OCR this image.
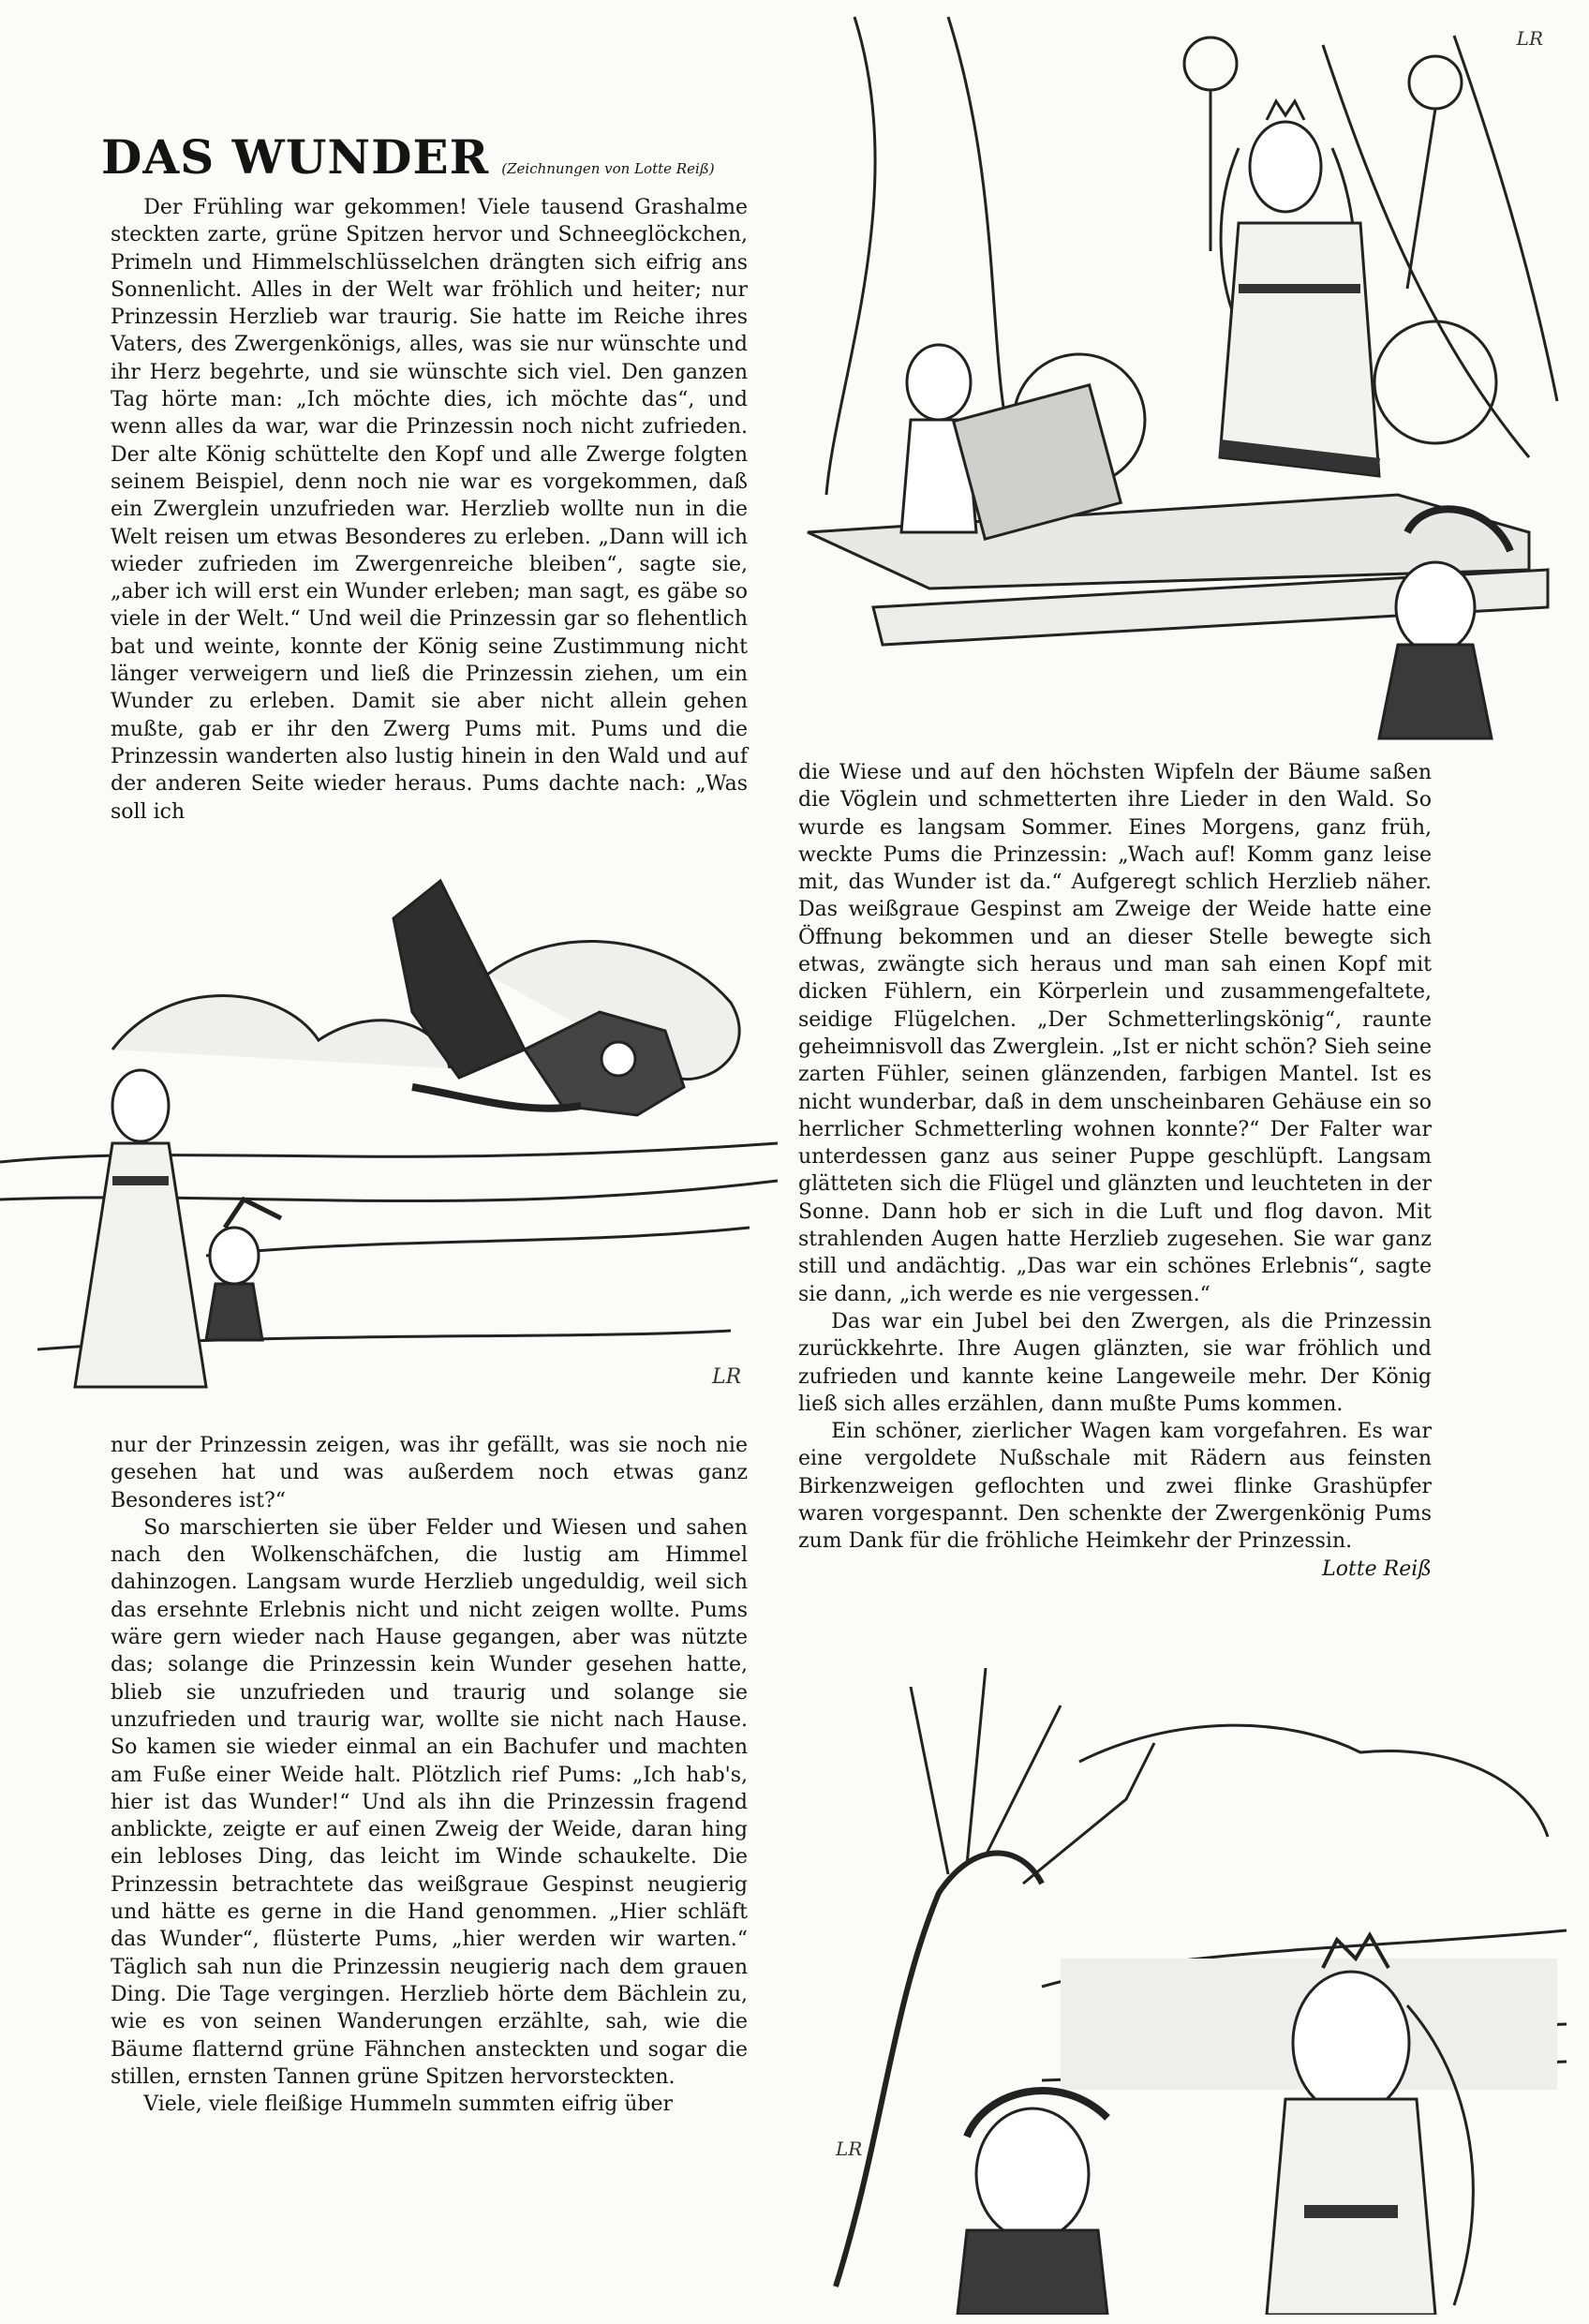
DAS WUNDER (Zeichnungen von Lotte Reiß)

Der Frühling war gekommen! Viele tausend Grashalme steckten zarte, grüne Spitzen hervor und Schneeglöckchen, Primeln und Himmelschlüsselchen drängten sich eifrig ans Sonnenlicht. Alles in der Welt war fröhlich und heiter; nur Prinzessin Herzlieb war traurig. Sie hatte im Reiche ihres Vaters, des Zwergenkönigs, alles, was sie nur wünschte und ihr Herz begehrte, und sie wünschte sich viel. Den ganzen Tag hörte man: „Ich möchte dies, ich möchte das“, und wenn alles da war, war die Prinzessin noch nicht zufrieden. Der alte König schüttelte den Kopf und alle Zwerge folgten seinem Beispiel, denn noch nie war es vorgekommen, daß ein Zwerglein unzufrieden war. Herzlieb wollte nun in die Welt reisen um etwas Besonderes zu erleben. „Dann will ich wieder zufrieden im Zwergenreiche bleiben“, sagte sie, „aber ich will erst ein Wunder erleben; man sagt, es gäbe so viele in der Welt.“ Und weil die Prinzessin gar so flehentlich bat und weinte, konnte der König seine Zustimmung nicht länger verweigern und ließ die Prinzessin ziehen, um ein Wunder zu erleben. Damit sie aber nicht allein gehen mußte, gab er ihr den Zwerg Pums mit. Pums und die Prinzessin wanderten also lustig hinein in den Wald und auf der anderen Seite wieder heraus. Pums dachte nach: „Was soll ich

nur der Prinzessin zeigen, was ihr gefällt, was sie noch nie gesehen hat und was außerdem noch etwas ganz Besonderes ist?“

So marschierten sie über Felder und Wiesen und sahen nach den Wolkenschäfchen, die lustig am Himmel dahinzogen. Langsam wurde Herzlieb ungeduldig, weil sich das ersehnte Erlebnis nicht und nicht zeigen wollte. Pums wäre gern wieder nach Hause gegangen, aber was nützte das; solange die Prinzessin kein Wunder gesehen hatte, blieb sie unzufrieden und traurig und solange sie unzufrieden und traurig war, wollte sie nicht nach Hause. So kamen sie wieder einmal an ein Bachufer und machten am Fuße einer Weide halt. Plötzlich rief Pums: „Ich hab's, hier ist das Wunder!“ Und als ihn die Prinzessin fragend anblickte, zeigte er auf einen Zweig der Weide, daran hing ein lebloses Ding, das leicht im Winde schaukelte. Die Prinzessin betrachtete das weißgraue Gespinst neugierig und hätte es gerne in die Hand genommen. „Hier schläft das Wunder“, flüsterte Pums, „hier werden wir warten.“ Täglich sah nun die Prinzessin neugierig nach dem grauen Ding. Die Tage vergingen. Herzlieb hörte dem Bächlein zu, wie es von seinen Wanderungen erzählte, sah, wie die Bäume flatternd grüne Fähnchen ansteckten und sogar die stillen, ernsten Tannen grüne Spitzen hervorsteckten.

Viele, viele fleißige Hummeln summten eifrig über

die Wiese und auf den höchsten Wipfeln der Bäume saßen die Vöglein und schmetterten ihre Lieder in den Wald. So wurde es langsam Sommer. Eines Morgens, ganz früh, weckte Pums die Prinzessin: „Wach auf! Komm ganz leise mit, das Wunder ist da.“ Aufgeregt schlich Herzlieb näher. Das weißgraue Gespinst am Zweige der Weide hatte eine Öffnung bekommen und an dieser Stelle bewegte sich etwas, zwängte sich heraus und man sah einen Kopf mit dicken Fühlern, ein Körperlein und zusammengefaltete, seidige Flügelchen. „Der Schmetterlingskönig“, raunte geheimnisvoll das Zwerglein. „Ist er nicht schön? Sieh seine zarten Fühler, seinen glänzenden, farbigen Mantel. Ist es nicht wunderbar, daß in dem unscheinbaren Gehäuse ein so herrlicher Schmetterling wohnen konnte?“ Der Falter war unterdessen ganz aus seiner Puppe geschlüpft. Langsam glätteten sich die Flügel und glänzten und leuchteten in der Sonne. Dann hob er sich in die Luft und flog davon. Mit strahlenden Augen hatte Herzlieb zugesehen. Sie war ganz still und andächtig. „Das war ein schönes Erlebnis“, sagte sie dann, „ich werde es nie vergessen.“

Das war ein Jubel bei den Zwergen, als die Prinzessin zurückkehrte. Ihre Augen glänzten, sie war fröhlich und zufrieden und kannte keine Langeweile mehr. Der König ließ sich alles erzählen, dann mußte Pums kommen.

Ein schöner, zierlicher Wagen kam vorgefahren. Es war eine vergoldete Nußschale mit Rädern aus feinsten Birkenzweigen geflochten und zwei flinke Grashüpfer waren vorgespannt. Den schenkte der Zwergenkönig Pums zum Dank für die fröhliche Heimkehr der Prinzessin.

Lotte Reiß
LR
LR
LR
